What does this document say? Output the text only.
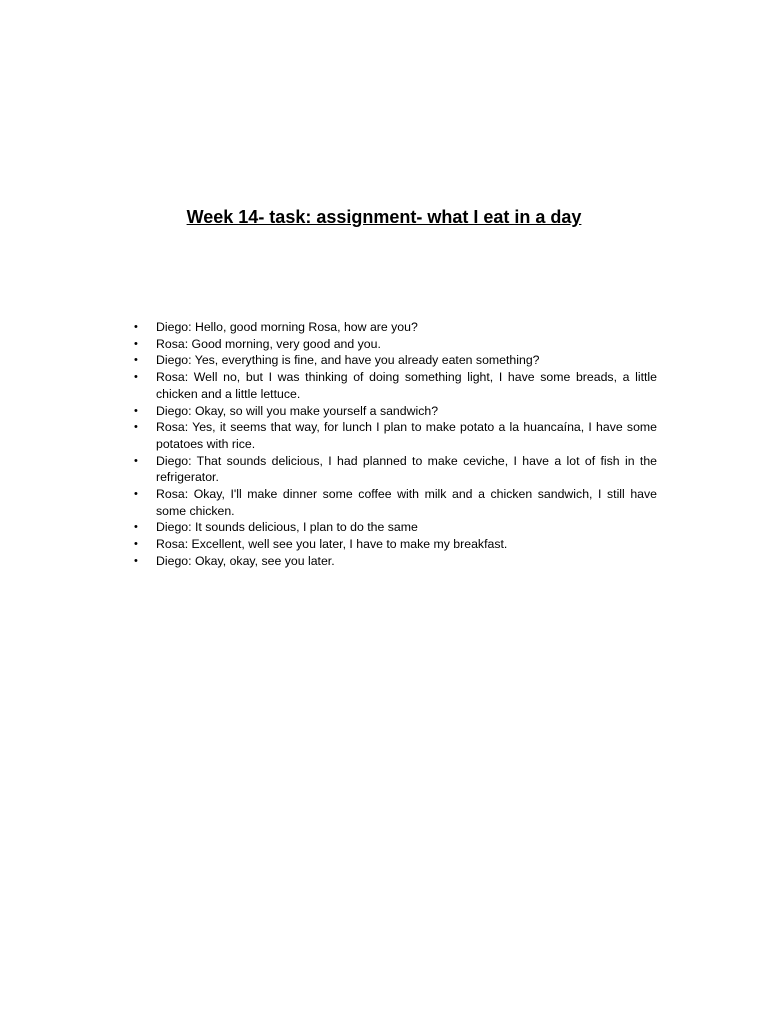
Week 14- task: assignment- what I eat in a day
• Diego: Hello, good morning Rosa, how are you?
• Rosa: Good morning, very good and you.
• Diego: Yes, everything is fine, and have you already eaten something?
• Rosa: Well no, but I was thinking of doing something light, I have some breads, a little chicken and a little lettuce.
• Diego: Okay, so will you make yourself a sandwich?
• Rosa: Yes, it seems that way, for lunch I plan to make potato a la huancaína, I have some potatoes with rice.
• Diego: That sounds delicious, I had planned to make ceviche, I have a lot of fish in the refrigerator.
• Rosa: Okay, I'll make dinner some coffee with milk and a chicken sandwich, I still have some chicken.
• Diego: It sounds delicious, I plan to do the same
• Rosa: Excellent, well see you later, I have to make my breakfast.
• Diego: Okay, okay, see you later.
